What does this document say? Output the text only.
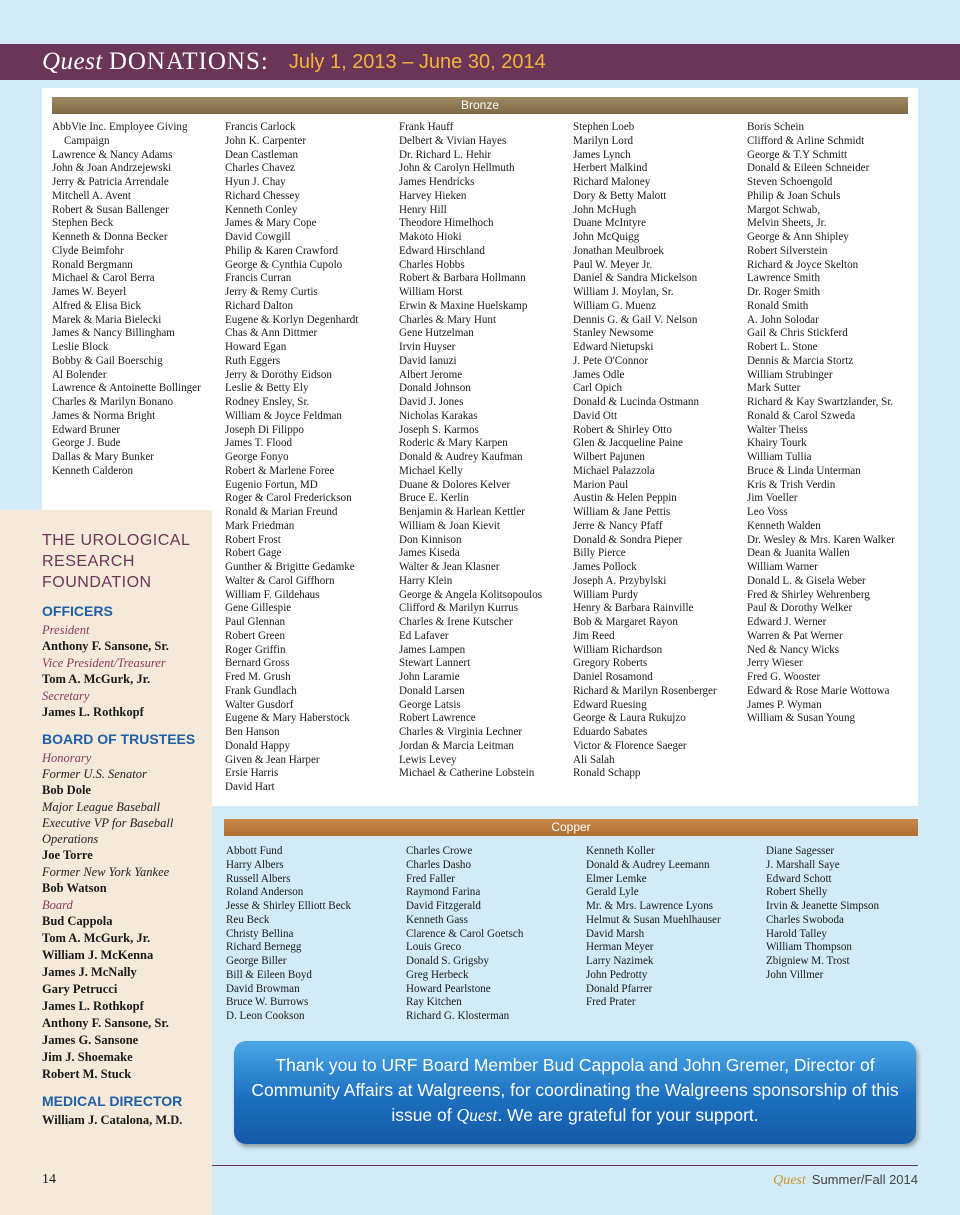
Quest DONATIONS: July 1, 2013 – June 30, 2014
Bronze
AbbVie Inc. Employee Giving Campaign
Lawrence & Nancy Adams
John & Joan Andrzejewski
Jerry & Patricia Arrendale
Mitchell A. Avent
Robert & Susan Ballenger
Stephen Beck
Kenneth & Donna Becker
Clyde Beimfohr
Ronald Bergmann
Michael & Carol Berra
James W. Beyerl
Alfred & Elisa Bick
Marek & Maria Bielecki
James & Nancy Billingham
Leslie Block
Bobby & Gail Boerschig
Al Bolender
Lawrence & Antoinette Bollinger
Charles & Marilyn Bonano
James & Norma Bright
Edward Bruner
George J. Bude
Dallas & Mary Bunker
Kenneth Calderon
Francis Carlock
John K. Carpenter
Dean Castleman
Charles Chavez
Hyun J. Chay
Richard Chessey
Kenneth Conley
James & Mary Cope
David Cowgill
Philip & Karen Crawford
George & Cynthia Cupolo
Francis Curran
Jerry & Remy Curtis
Richard Dalton
Eugene & Korlyn Degenhardt
Chas & Ann Dittmer
Howard Egan
Ruth Eggers
Jerry & Dorothy Eidson
Leslie & Betty Ely
Rodney Ensley, Sr.
William & Joyce Feldman
Joseph Di Filippo
James T. Flood
George Fonyo
Robert & Marlene Foree
Eugenio Fortun, MD
Roger & Carol Frederickson
Ronald & Marian Freund
Mark Friedman
Robert Frost
Robert Gage
Gunther & Brigitte Gedamke
Walter & Carol Giffhorn
William F. Gildehaus
Gene Gillespie
Paul Glennan
Robert Green
Roger Griffin
Bernard Gross
Fred M. Grush
Frank Gundlach
Walter Gusdorf
Eugene & Mary Haberstock
Ben Hanson
Donald Happy
Given & Jean Harper
Ersie Harris
David Hart
Frank Hauff
Delbert & Vivian Hayes
Dr. Richard L. Hehir
John & Carolyn Hellmuth
James Hendricks
Harvey Hieken
Henry Hill
Theodore Himelhoch
Makoto Hioki
Edward Hirschland
Charles Hobbs
Robert & Barbara Hollmann
William Horst
Erwin & Maxine Huelskamp
Charles & Mary Hunt
Gene Hutzelman
Irvin Huyser
David Ianuzi
Albert Jerome
Donald Johnson
David J. Jones
Nicholas Karakas
Joseph S. Karmos
Roderic & Mary Karpen
Donald & Audrey Kaufman
Michael Kelly
Duane & Dolores Kelver
Bruce E. Kerlin
Benjamin & Harlean Kettler
William & Joan Kievit
Don Kinnison
James Kiseda
Walter & Jean Klasner
Harry Klein
George & Angela Kolitsopoulos
Clifford & Marilyn Kurrus
Charles & Irene Kutscher
Ed Lafaver
James Lampen
Stewart Lannert
John Laramie
Donald Larsen
George Latsis
Robert Lawrence
Charles & Virginia Lechner
Jordan & Marcia Leitman
Lewis Levey
Michael & Catherine Lobstein
Stephen Loeb
Marilyn Lord
James Lynch
Herbert Malkind
Richard Maloney
Dory & Betty Malott
John McHugh
Duane McIntyre
John McQuigg
Jonathan Meulbroek
Paul W. Meyer Jr.
Daniel & Sandra Mickelson
William J. Moylan, Sr.
William G. Muenz
Dennis G. & Gail V. Nelson
Stanley Newsome
Edward Nietupski
J. Pete O'Connor
James Odle
Carl Opich
Donald & Lucinda Ostmann
David Ott
Robert & Shirley Otto
Glen & Jacqueline Paine
Wilbert Pajunen
Michael Palazzola
Marion Paul
Austin & Helen Peppin
William & Jane Pettis
Jerre & Nancy Pfaff
Donald & Sondra Pieper
Billy Pierce
James Pollock
Joseph A. Przybylski
William Purdy
Henry & Barbara Rainville
Bob & Margaret Rayon
Jim Reed
William Richardson
Gregory Roberts
Daniel Rosamond
Richard & Marilyn Rosenberger
Edward Ruesing
George & Laura Rukujzo
Eduardo Sabates
Victor & Florence Saeger
Ali Salah
Ronald Schapp
Boris Schein
Clifford & Arline Schmidt
George & T.Y Schmitt
Donald & Eileen Schneider
Steven Schoengold
Philip & Joan Schuls
Margot Schwab,
Melvin Sheets, Jr.
George & Ann Shipley
Robert Silverstein
Richard & Joyce Skelton
Lawrence Smith
Dr. Roger Smith
Ronald Smith
A. John Solodar
Gail & Chris Stickferd
Robert L. Stone
Dennis & Marcia Stortz
William Strubinger
Mark Sutter
Richard & Kay Swartzlander, Sr.
Ronald & Carol Szweda
Walter Theiss
Khairy Tourk
William Tullia
Bruce & Linda Unterman
Kris & Trish Verdin
Jim Voeller
Leo Voss
Kenneth Walden
Dr. Wesley & Mrs. Karen Walker
Dean & Juanita Wallen
William Warner
Donald L. & Gisela Weber
Fred & Shirley Wehrenberg
Paul & Dorothy Welker
Edward J. Werner
Warren & Pat Werner
Ned & Nancy Wicks
Jerry Wieser
Fred G. Wooster
Edward & Rose Marie Wottowa
James P. Wyman
William & Susan Young
Copper
Abbott Fund
Harry Albers
Russell Albers
Roland Anderson
Jesse & Shirley Elliott Beck
Reu Beck
Christy Bellina
Richard Bernegg
George Biller
Bill & Eileen Boyd
David Browman
Bruce W. Burrows
D. Leon Cookson
Charles Crowe
Charles Dasho
Fred Faller
Raymond Farina
David Fitzgerald
Kenneth Gass
Clarence & Carol Goetsch
Louis Greco
Donald S. Grigsby
Greg Herbeck
Howard Pearlstone
Ray Kitchen
Richard G. Klosterman
Kenneth Koller
Donald & Audrey Leemann
Elmer Lemke
Gerald Lyle
Mr. & Mrs. Lawrence Lyons
Helmut & Susan Muehlhauser
David Marsh
Herman Meyer
Larry Nazimek
John Pedrotty
Donald Pfarrer
Fred Prater
Diane Sagesser
J. Marshall Saye
Edward Schott
Robert Shelly
Irvin & Jeanette Simpson
Charles Swoboda
Harold Talley
William Thompson
Zbigniew M. Trost
John Villmer
THE UROLOGICAL
RESEARCH
FOUNDATION
OFFICERS
President
Anthony F. Sansone, Sr.
Vice President/Treasurer
Tom A. McGurk, Jr.
Secretary
James L. Rothkopf
BOARD OF TRUSTEES
Honorary
Former U.S. Senator
Bob Dole
Major League Baseball
Executive VP for Baseball
Operations
Joe Torre
Former New York Yankee
Bob Watson
Board
Bud Cappola
Tom A. McGurk, Jr.
William J. McKenna
James J. McNally
Gary Petrucci
James L. Rothkopf
Anthony F. Sansone, Sr.
James G. Sansone
Jim J. Shoemake
Robert M. Stuck
MEDICAL DIRECTOR
William J. Catalona, M.D.
Thank you to URF Board Member Bud Cappola and John Gremer, Director of Community Affairs at Walgreens, for coordinating the Walgreens sponsorship of this issue of Quest. We are grateful for your support.
14	Quest Summer/Fall 2014
